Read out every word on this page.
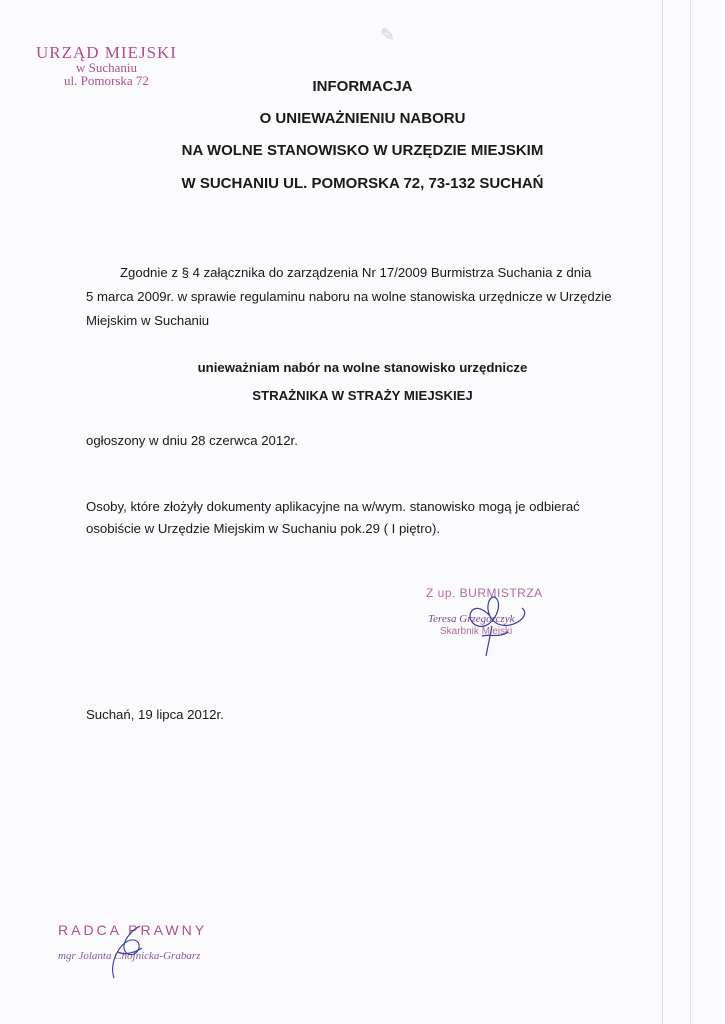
✎
URZĄD MIEJSKI
w Suchaniu
ul. Pomorska 72	INFORMACJA
O UNIEWAŻNIENIU NABORU
NA WOLNE STANOWISKO W URZĘDZIE MIEJSKIM
W SUCHANIU UL. POMORSKA 72, 73-132 SUCHAŃ
Zgodnie z § 4 załącznika do zarządzenia Nr 17/2009 Burmistrza Suchania z dnia
5 marca 2009r. w sprawie regulaminu naboru na wolne stanowiska urzędnicze w Urzędzie
Miejskim w Suchaniu
unieważniam nabór na wolne stanowisko urzędnicze
STRAŻNIKA W STRAŻY MIEJSKIEJ
ogłoszony w dniu 28 czerwca 2012r.
Osoby, które złożyły dokumenty aplikacyjne na w/wym. stanowisko mogą je odbierać
osobiście w Urzędzie Miejskim w Suchaniu pok.29 ( I piętro).
Z up. BURMISTRZA
Teresa Grzegorczyk
Skarbnik Miejski
Suchań, 19 lipca 2012r.
RADCA PRAWNY
mgr Jolanta Chojnicka-Grabarz
